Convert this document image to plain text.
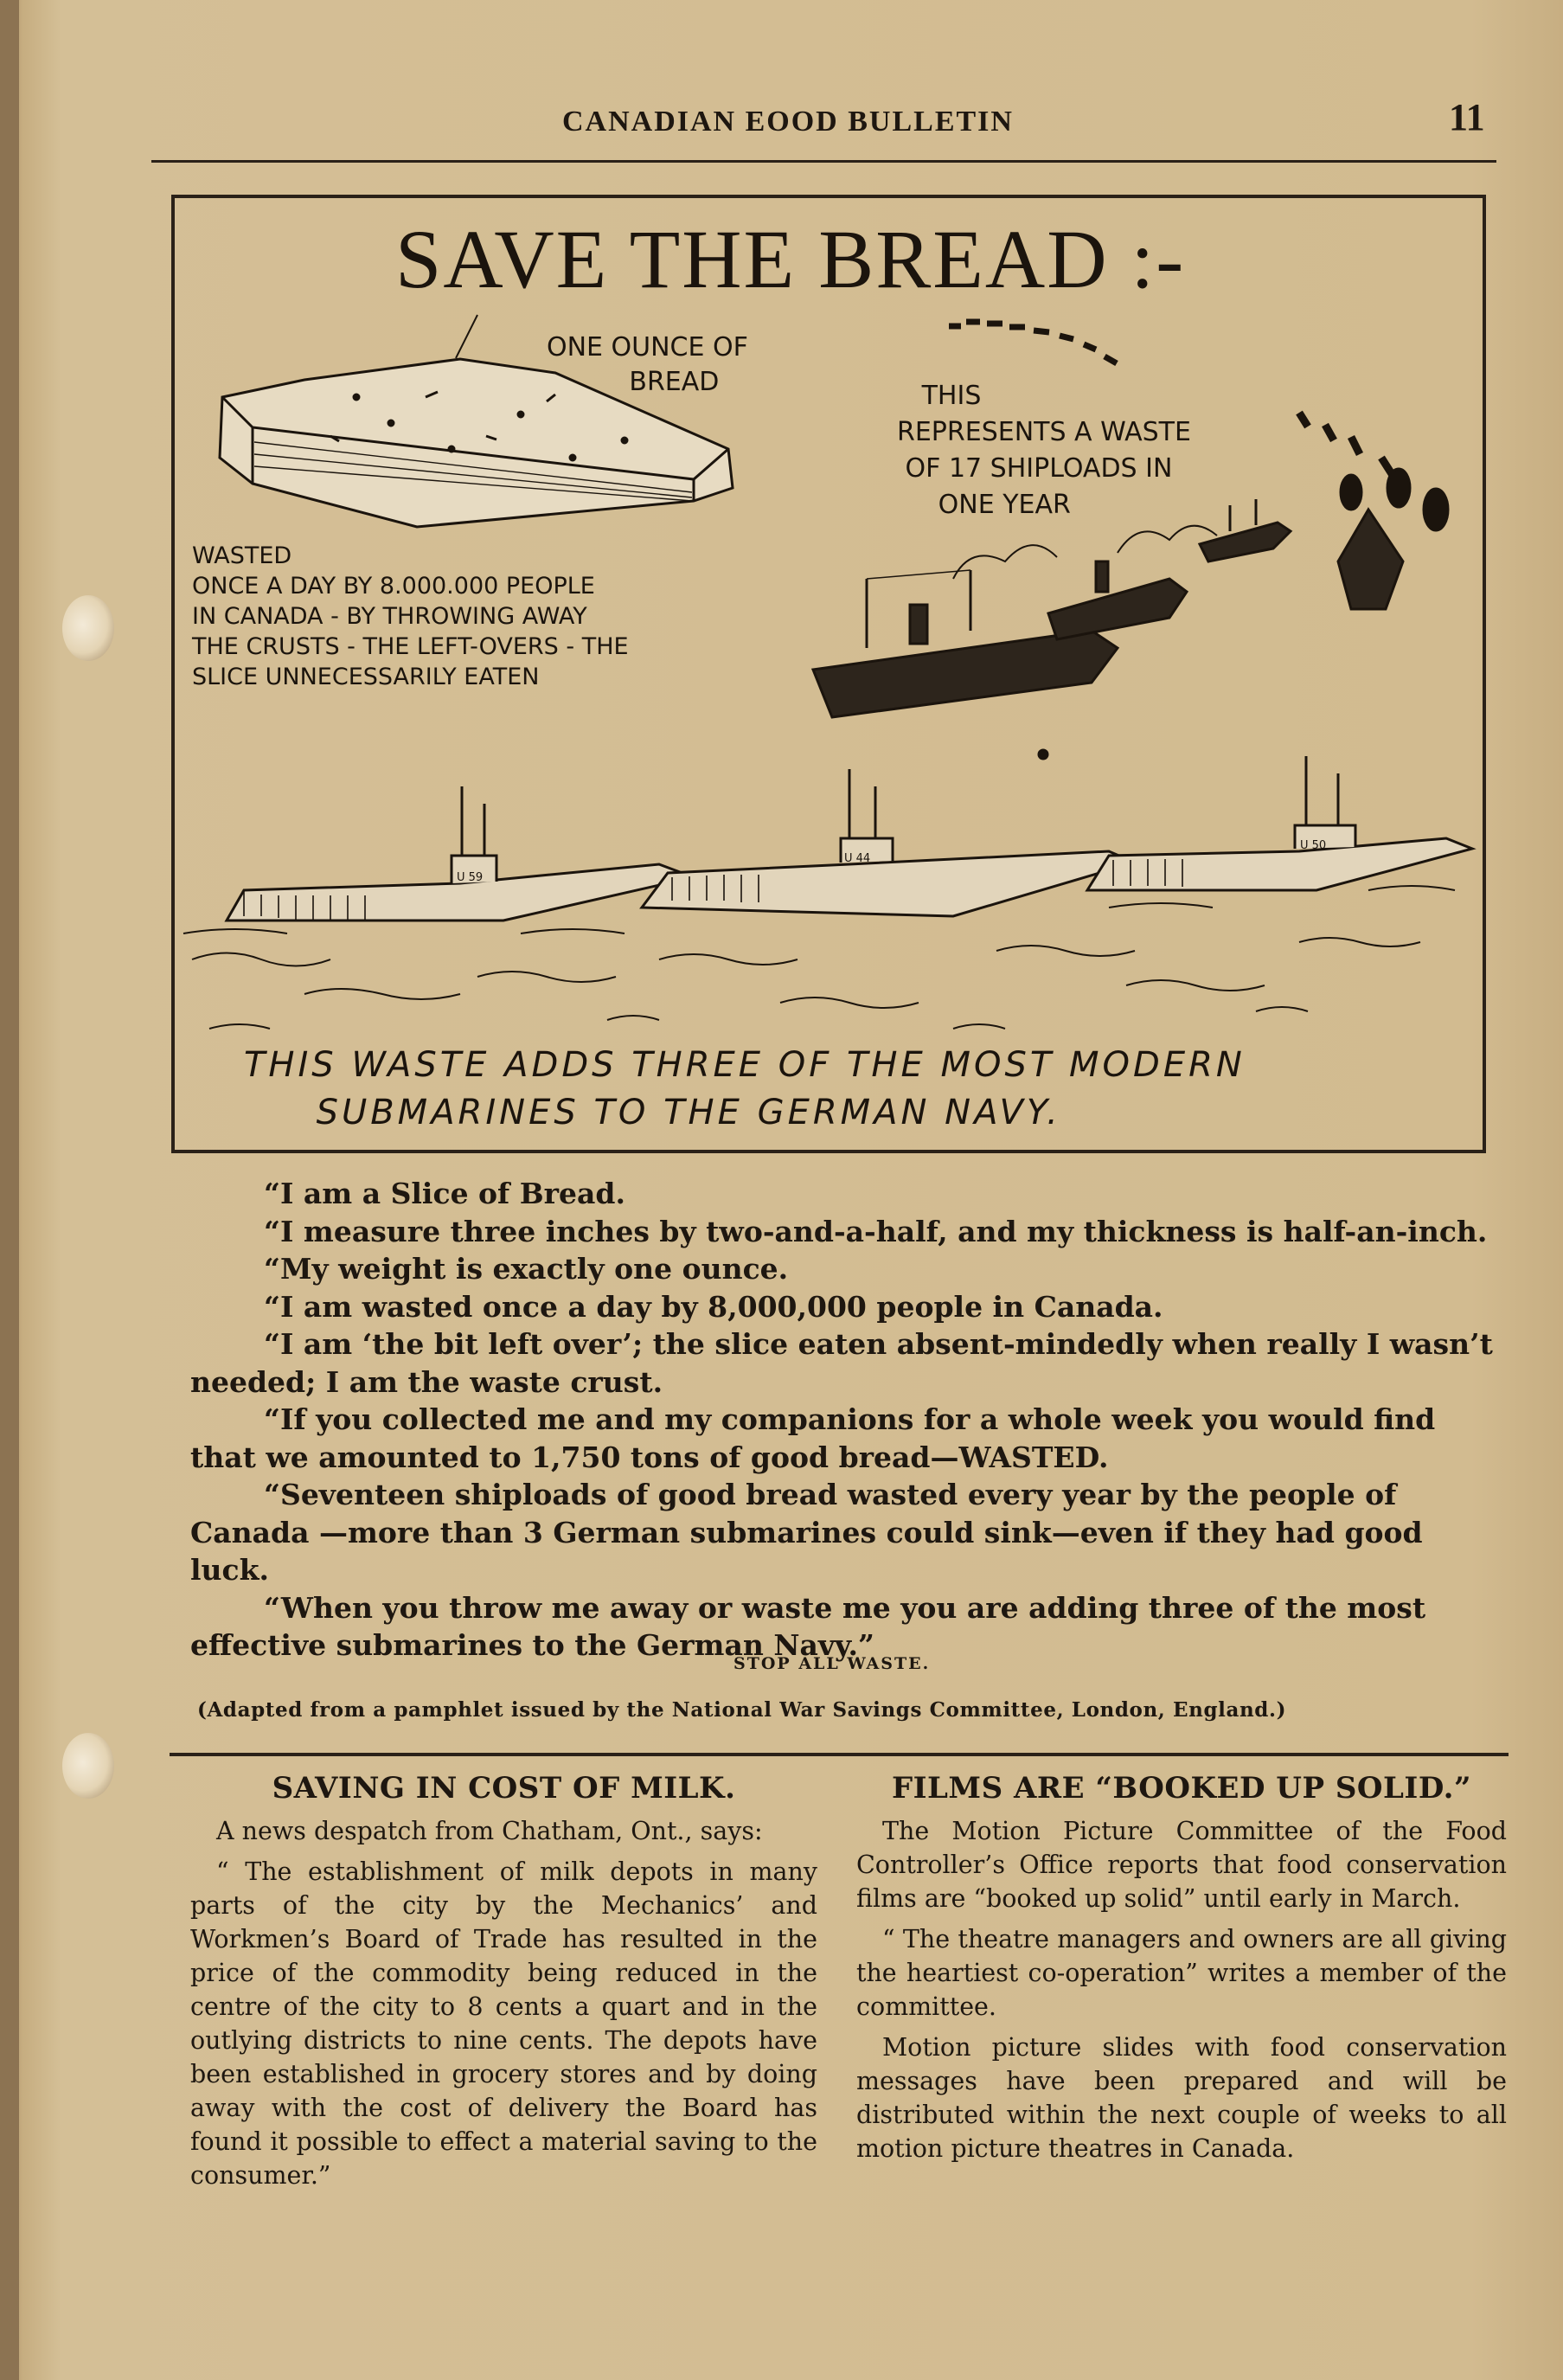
CANADIAN EOOD BULLETIN	11
SAVE THE BREAD :-
ONE OUNCE OF
BREAD	THIS
REPRESENTS A WASTE
OF 17 SHIPLOADS IN
ONE YEAR
WASTED
ONCE A DAY BY 8.000.000 PEOPLE
IN CANADA - BY THROWING AWAY
THE CRUSTS - THE LEFT-OVERS - THE
SLICE UNNECESSARILY EATEN
U 59
U 44
U 50
THIS WASTE ADDS THREE OF THE MOST MODERN
SUBMARINES TO THE GERMAN NAVY.

“I am a Slice of Bread.

“I measure three inches by two-and-a-half, and my thickness is half-an-inch.

“My weight is exactly one ounce.

“I am wasted once a day by 8,000,000 people in Canada.

“I am ‘the bit left over’; the slice eaten absent-mindedly when really I wasn’t needed; I am the waste crust.

“If you collected me and my companions for a whole week you would find that we amounted to 1,750 tons of good bread—WASTED.

“Seventeen shiploads of good bread wasted every year by the people of Canada —more than 3 German submarines could sink—even if they had good luck.

“When you throw me away or waste me you are adding three of the most effective submarines to the German Navy.”

STOP ALL WASTE.
(Adapted from a pamphlet issued by the National War Savings Committee, London, England.)
SAVING IN COST OF MILK.

A news despatch from Chatham, Ont., says:

“ The establishment of milk depots in many parts of the city by the Mechanics’ and Workmen’s Board of Trade has resulted in the price of the commodity being reduced in the centre of the city to 8 cents a quart and in the outlying districts to nine cents. The depots have been established in grocery stores and by doing away with the cost of delivery the Board has found it possible to effect a material saving to the consumer.”

FILMS ARE “BOOKED UP SOLID.”

The Motion Picture Committee of the Food Controller’s Office reports that food conservation films are “booked up solid” until early in March.

“ The theatre managers and owners are all giving the heartiest co-operation” writes a member of the committee.

Motion picture slides with food conservation messages have been prepared and will be distributed within the next couple of weeks to all motion picture theatres in Canada.
